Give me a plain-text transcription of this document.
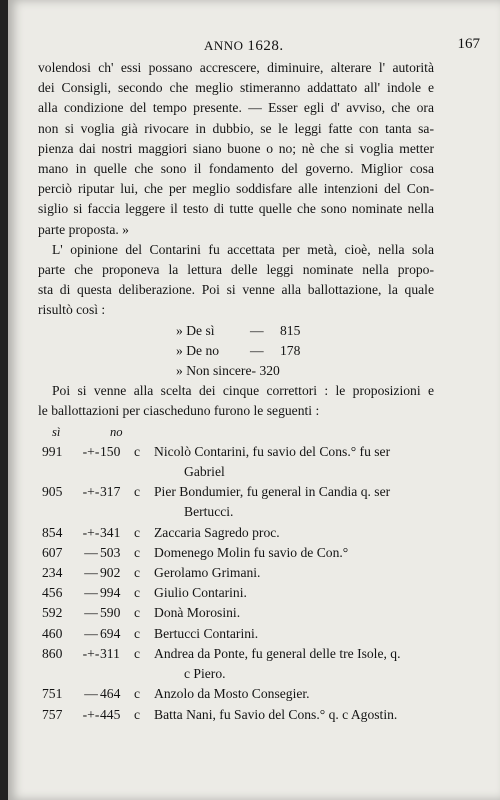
ANNO 1628.	167
volendosi ch' essi possano accrescere, diminuire, alterare l' autorità
dei Consigli, secondo che meglio stimeranno addattato all' indole e
alla condizione del tempo presente. — Esser egli d' avviso, che ora
non si voglia già rivocare in dubbio, se le leggi fatte con tanta sa-
pienza dai nostri maggiori siano buone o no; nè che si voglia metter
mano in quelle che sono il fondamento del governo. Miglior cosa
perciò riputar lui, che per meglio soddisfare alle intenzioni del Con-
siglio si faccia leggere il testo di tutte quelle che sono nominate nella
parte proposta. »
L' opinione del Contarini fu accettata per metà, cioè, nella sola
parte che proponeva la lettura delle leggi nominate nella propo-
sta di questa deliberazione. Poi si venne alla ballottazione, la quale
risultò così :
» De sì	— 815
» De no — 178
» Non sincere- 320
Poi si venne alla scelta dei cinque correttori : le proposizioni e
le ballottazioni per ciascheduno furono le seguenti :
sì	no
991	-+- 150	c	Nicolò Contarini, fu savio del Cons.° fu ser
Gabriel
905	-+- 317	c	Pier Bondumier, fu general in Candia q. ser
Bertucci.
854	-+- 341	c	Zaccaria Sagredo proc.
607	— 503	c	Domenego Molin fu savio de Con.°
234	— 902	c	Gerolamo Grimani.
456	— 994	c	Giulio Contarini.
592	— 590	c	Donà Morosini.
460	— 694	c	Bertucci Contarini.
860	-+- 311	c	Andrea da Ponte, fu general delle tre Isole, q.
c Piero.
751	— 464	c	Anzolo da Mosto Consegier.
757	-+- 445	c	Batta Nani, fu Savio del Cons.° q. c Agostin.
